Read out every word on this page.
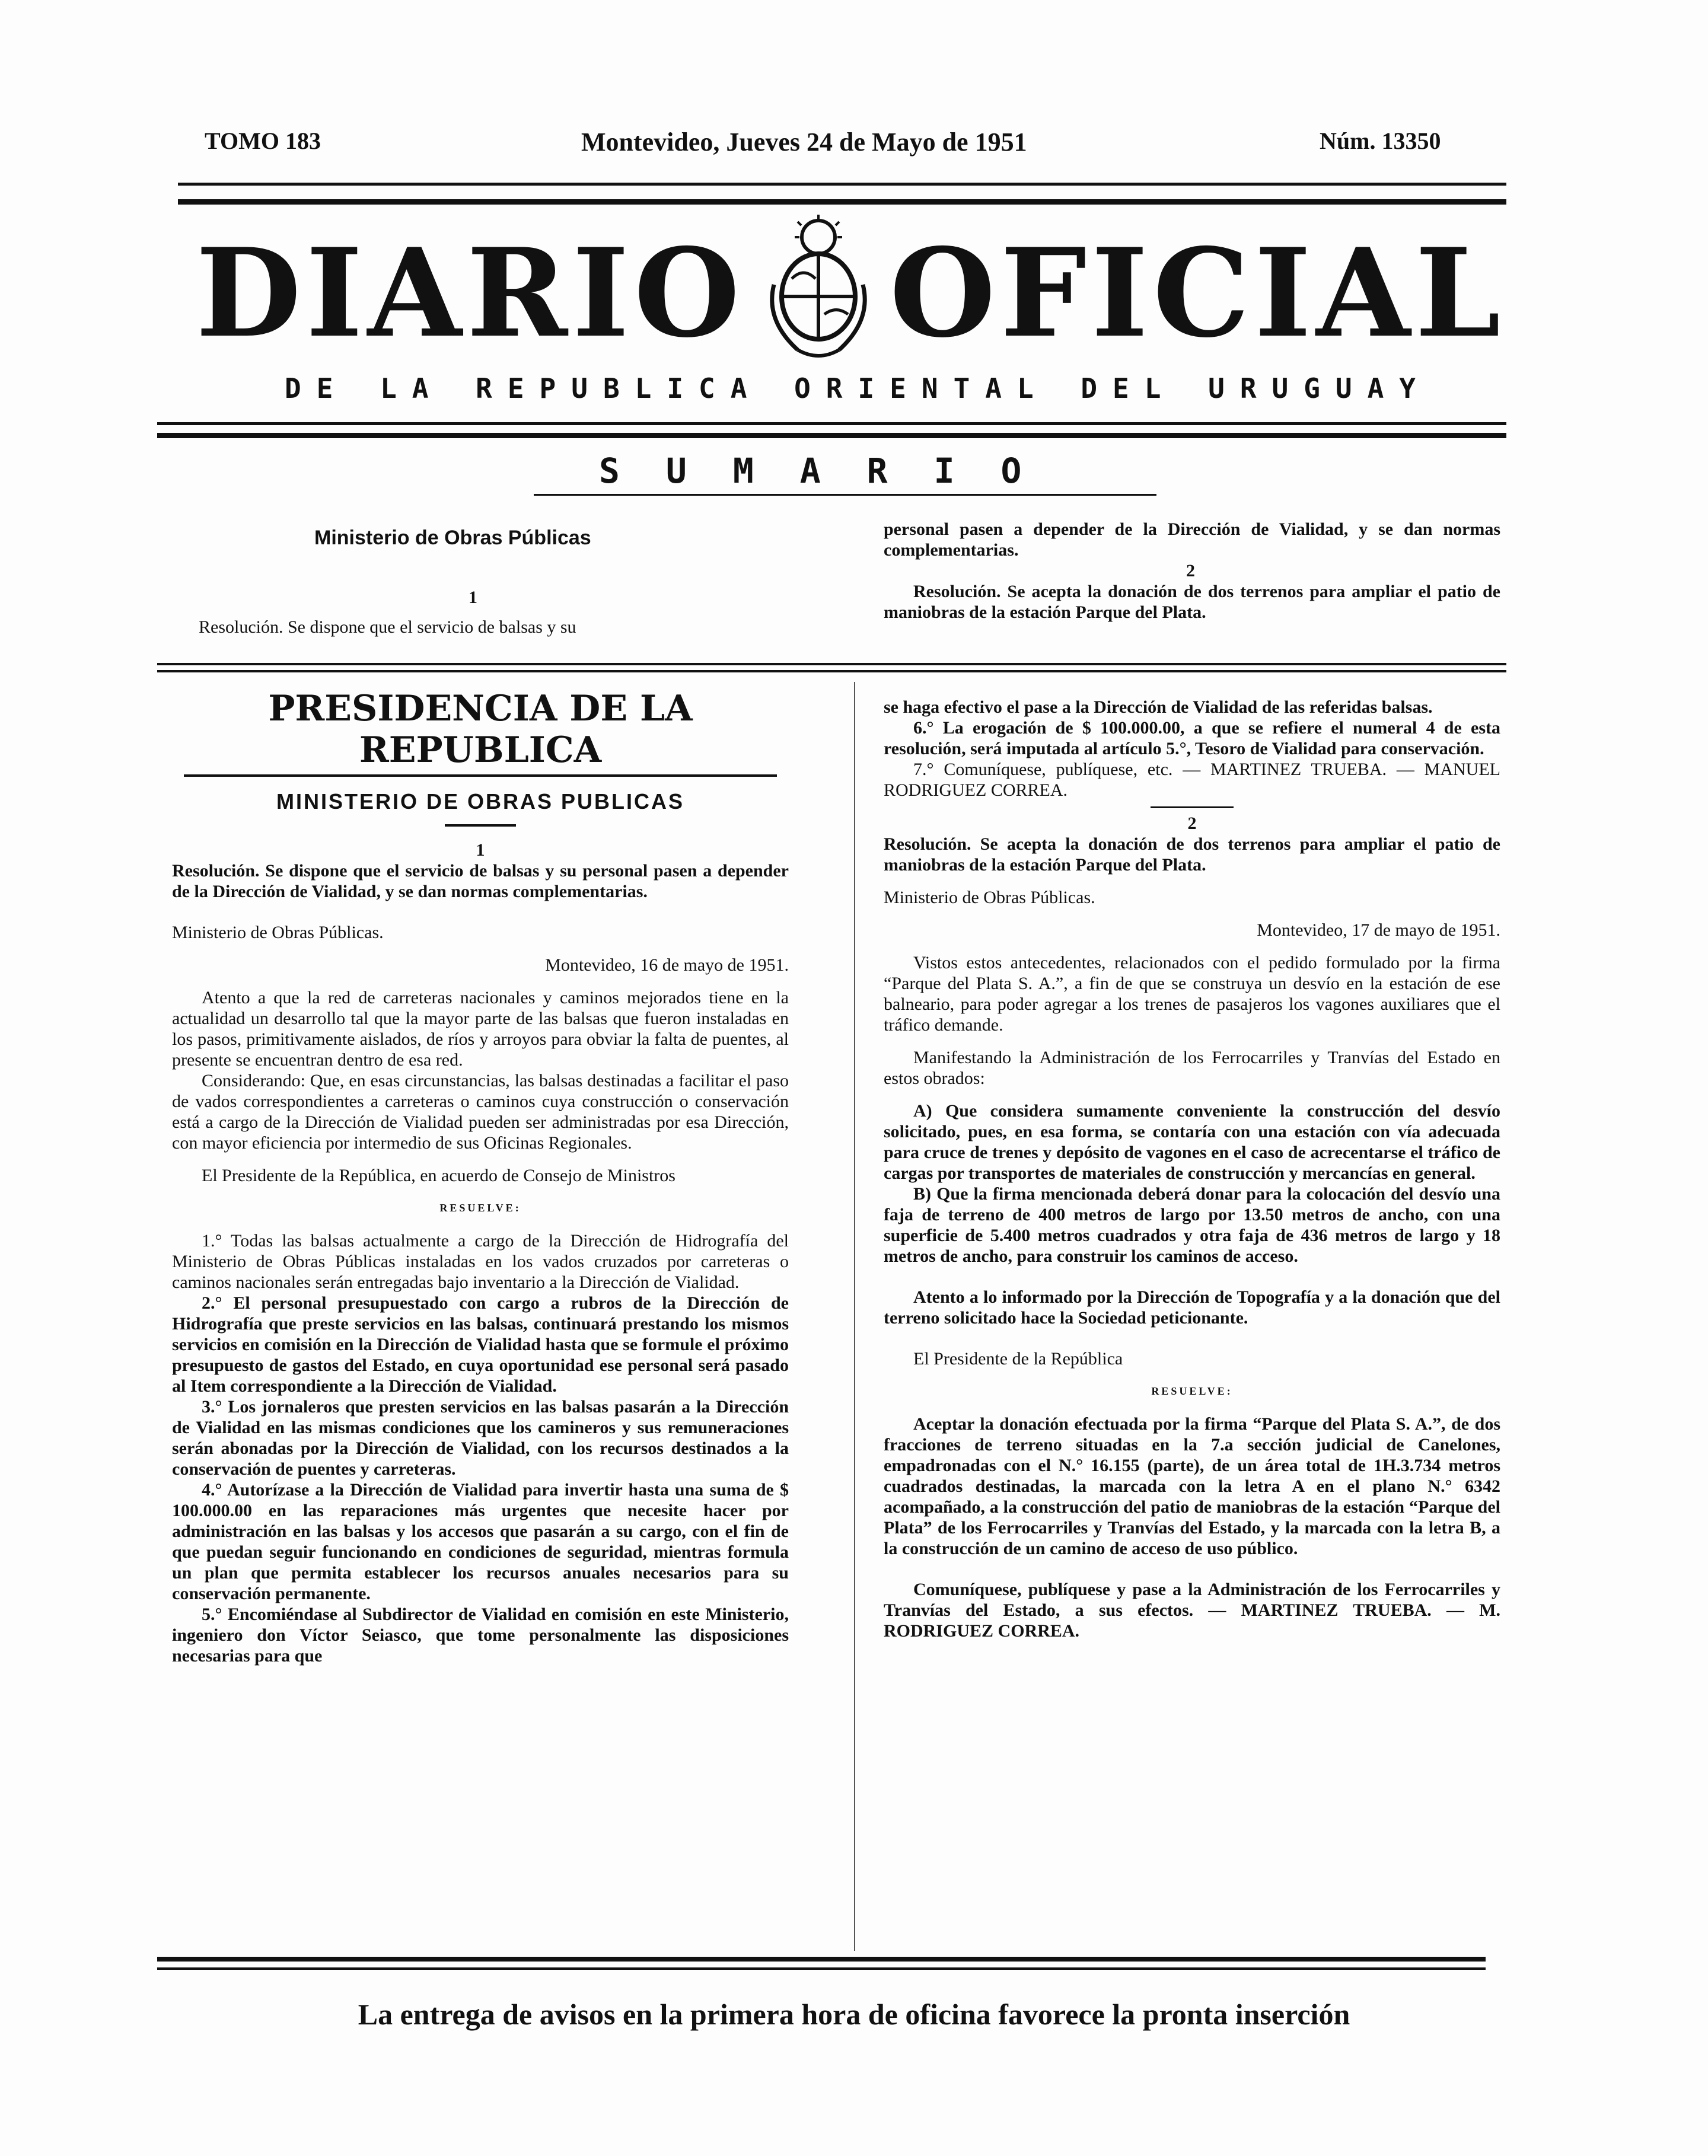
TOMO 183	Montevideo, Jueves 24 de Mayo de 1951	Núm. 13350
DIARIO OFICIAL
DE LA REPUBLICA ORIENTAL DEL URUGUAY
SUMARIO
Ministerio de Obras Públicas
1
Resolución. Se dispone que el servicio de balsas y su
personal pasen a depender de la Dirección de Vialidad, y se dan normas complementarias.
2
Resolución. Se acepta la donación de dos terrenos para ampliar el patio de maniobras de la estación Parque del Plata.

PRESIDENCIA DE LA REPUBLICA

MINISTERIO DE OBRAS PUBLICAS

1

Resolución. Se dispone que el servicio de balsas y su personal pasen a depender de la Dirección de Vialidad, y se dan normas complementarias.

Ministerio de Obras Públicas.

Montevideo, 16 de mayo de 1951.

Atento a que la red de carreteras nacionales y caminos mejorados tiene en la actualidad un desarrollo tal que la mayor parte de las balsas que fueron instaladas en los pasos, primitivamente aislados, de ríos y arroyos para obviar la falta de puentes, al presente se encuentran dentro de esa red.

Considerando: Que, en esas circunstancias, las balsas destinadas a facilitar el paso de vados correspondientes a carreteras o caminos cuya construcción o conservación está a cargo de la Dirección de Vialidad pueden ser administradas por esa Dirección, con mayor eficiencia por intermedio de sus Oficinas Regionales.

El Presidente de la República, en acuerdo de Consejo de Ministros

RESUELVE:

1.° Todas las balsas actualmente a cargo de la Dirección de Hidrografía del Ministerio de Obras Públicas instaladas en los vados cruzados por carreteras o caminos nacionales serán entregadas bajo inventario a la Dirección de Vialidad.

2.° El personal presupuestado con cargo a rubros de la Dirección de Hidrografía que preste servicios en las balsas, continuará prestando los mismos servicios en comisión en la Dirección de Vialidad hasta que se formule el próximo presupuesto de gastos del Estado, en cuya oportunidad ese personal será pasado al Item correspondiente a la Dirección de Vialidad.

3.° Los jornaleros que presten servicios en las balsas pasarán a la Dirección de Vialidad en las mismas condiciones que los camineros y sus remuneraciones serán abonadas por la Dirección de Vialidad, con los recursos destinados a la conservación de puentes y carreteras.

4.° Autorízase a la Dirección de Vialidad para invertir hasta una suma de $ 100.000.00 en las reparaciones más urgentes que necesite hacer por administración en las balsas y los accesos que pasarán a su cargo, con el fin de que puedan seguir funcionando en condiciones de seguridad, mientras formula un plan que permita establecer los recursos anuales necesarios para su conservación permanente.

5.° Encomiéndase al Subdirector de Vialidad en comisión en este Ministerio, ingeniero don Víctor Seiasco, que tome personalmente las disposiciones necesarias para que

se haga efectivo el pase a la Dirección de Vialidad de las referidas balsas.

6.° La erogación de $ 100.000.00, a que se refiere el numeral 4 de esta resolución, será imputada al artículo 5.°, Tesoro de Vialidad para conservación.

7.° Comuníquese, publíquese, etc. — MARTINEZ TRUEBA. — MANUEL RODRIGUEZ CORREA.

2

Resolución. Se acepta la donación de dos terrenos para ampliar el patio de maniobras de la estación Parque del Plata.

Ministerio de Obras Públicas.

Montevideo, 17 de mayo de 1951.

Vistos estos antecedentes, relacionados con el pedido formulado por la firma “Parque del Plata S. A.”, a fin de que se construya un desvío en la estación de ese balneario, para poder agregar a los trenes de pasajeros los vagones auxiliares que el tráfico demande.

Manifestando la Administración de los Ferrocarriles y Tranvías del Estado en estos obrados:

A) Que considera sumamente conveniente la construcción del desvío solicitado, pues, en esa forma, se contaría con una estación con vía adecuada para cruce de trenes y depósito de vagones en el caso de acrecentarse el tráfico de cargas por transportes de materiales de construcción y mercancías en general.

B) Que la firma mencionada deberá donar para la colocación del desvío una faja de terreno de 400 metros de largo por 13.50 metros de ancho, con una superficie de 5.400 metros cuadrados y otra faja de 436 metros de largo y 18 metros de ancho, para construir los caminos de acceso.

Atento a lo informado por la Dirección de Topografía y a la donación que del terreno solicitado hace la Sociedad peticionante.

El Presidente de la República

RESUELVE:

Aceptar la donación efectuada por la firma “Parque del Plata S. A.”, de dos fracciones de terreno situadas en la 7.a sección judicial de Canelones, empadronadas con el N.° 16.155 (parte), de un área total de 1H.3.734 metros cuadrados destinadas, la marcada con la letra A en el plano N.° 6342 acompañado, a la construcción del patio de maniobras de la estación “Parque del Plata” de los Ferrocarriles y Tranvías del Estado, y la marcada con la letra B, a la construcción de un camino de acceso de uso público.

Comuníquese, publíquese y pase a la Administración de los Ferrocarriles y Tranvías del Estado, a sus efectos. — MARTINEZ TRUEBA. — M. RODRIGUEZ CORREA.

La entrega de avisos en la primera hora de oficina favorece la pronta inserción
